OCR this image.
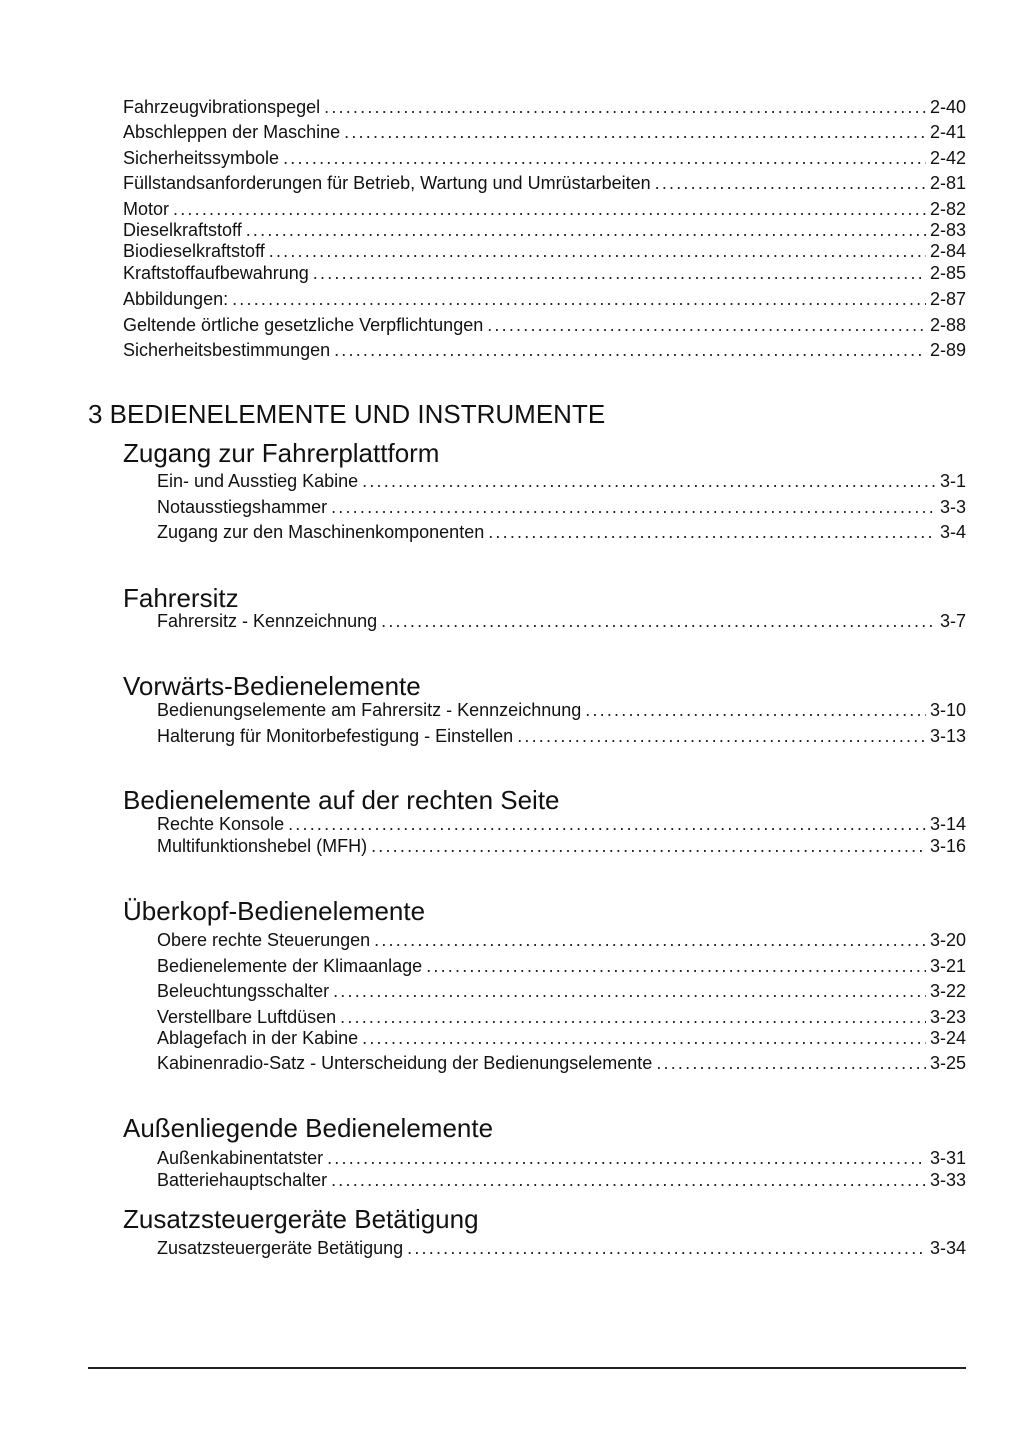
Fahrzeugvibrationspegel .....	2-40
Abschleppen der Maschine .....	2-41
Sicherheitssymbole .....	2-42
Füllstandsanforderungen für Betrieb, Wartung und Umrüstarbeiten .....	2-81
Motor .....	2-82
Dieselkraftstoff .....	2-83
Biodieselkraftstoff .....	2-84
Kraftstoffaufbewahrung .....	2-85
Abbildungen: .....	2-87
Geltende örtliche gesetzliche Verpflichtungen .....	2-88
Sicherheitsbestimmungen .....	2-89
3 BEDIENELEMENTE UND INSTRUMENTE
Zugang zur Fahrerplattform
Ein- und Ausstieg Kabine .....	3-1
Notausstiegshammer .....	3-3
Zugang zur den Maschinenkomponenten .....	3-4
Fahrersitz
Fahrersitz - Kennzeichnung .....	3-7
Vorwärts-Bedienelemente
Bedienungselemente am Fahrersitz - Kennzeichnung .....	3-10
Halterung für Monitorbefestigung - Einstellen .....	3-13
Bedienelemente auf der rechten Seite
Rechte Konsole .....	3-14
Multifunktionshebel (MFH) .....	3-16
Überkopf-Bedienelemente
Obere rechte Steuerungen .....	3-20
Bedienelemente der Klimaanlage .....	3-21
Beleuchtungsschalter .....	3-22
Verstellbare Luftdüsen .....	3-23
Ablagefach in der Kabine .....	3-24
Kabinenradio-Satz - Unterscheidung der Bedienungselemente .....	3-25
Außenliegende Bedienelemente
Außenkabinentatster .....	3-31
Batteriehauptschalter .....	3-33
Zusatzsteuergeräte Betätigung
Zusatzsteuergeräte Betätigung .....	3-34
